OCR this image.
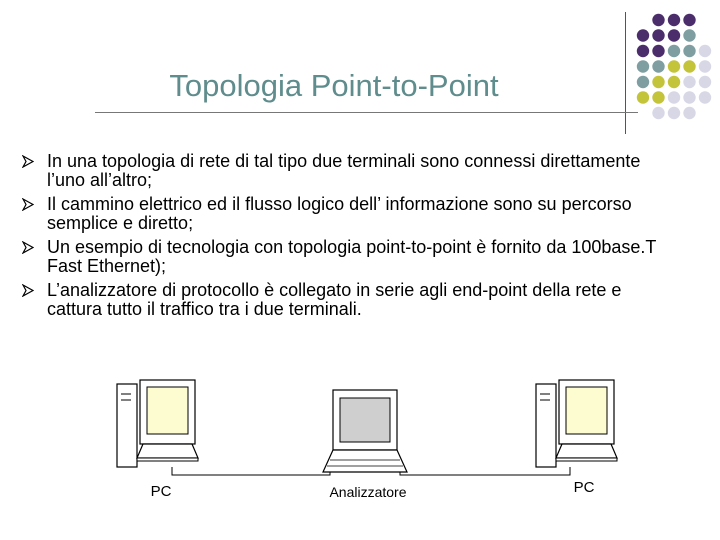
Topologia Point-to-Point
In una topologia di rete di tal tipo due terminali sono connessi direttamente l’uno all’altro;
Il cammino elettrico ed il flusso logico dell’ informazione sono su percorso semplice e diretto;
Un esempio di tecnologia con topologia point-to-point è fornito da 100base.T Fast Ethernet);
L’analizzatore di protocollo è collegato in serie agli end-point della rete e cattura tutto il traffico tra i due terminali.
PC	Analizzatore	PC
